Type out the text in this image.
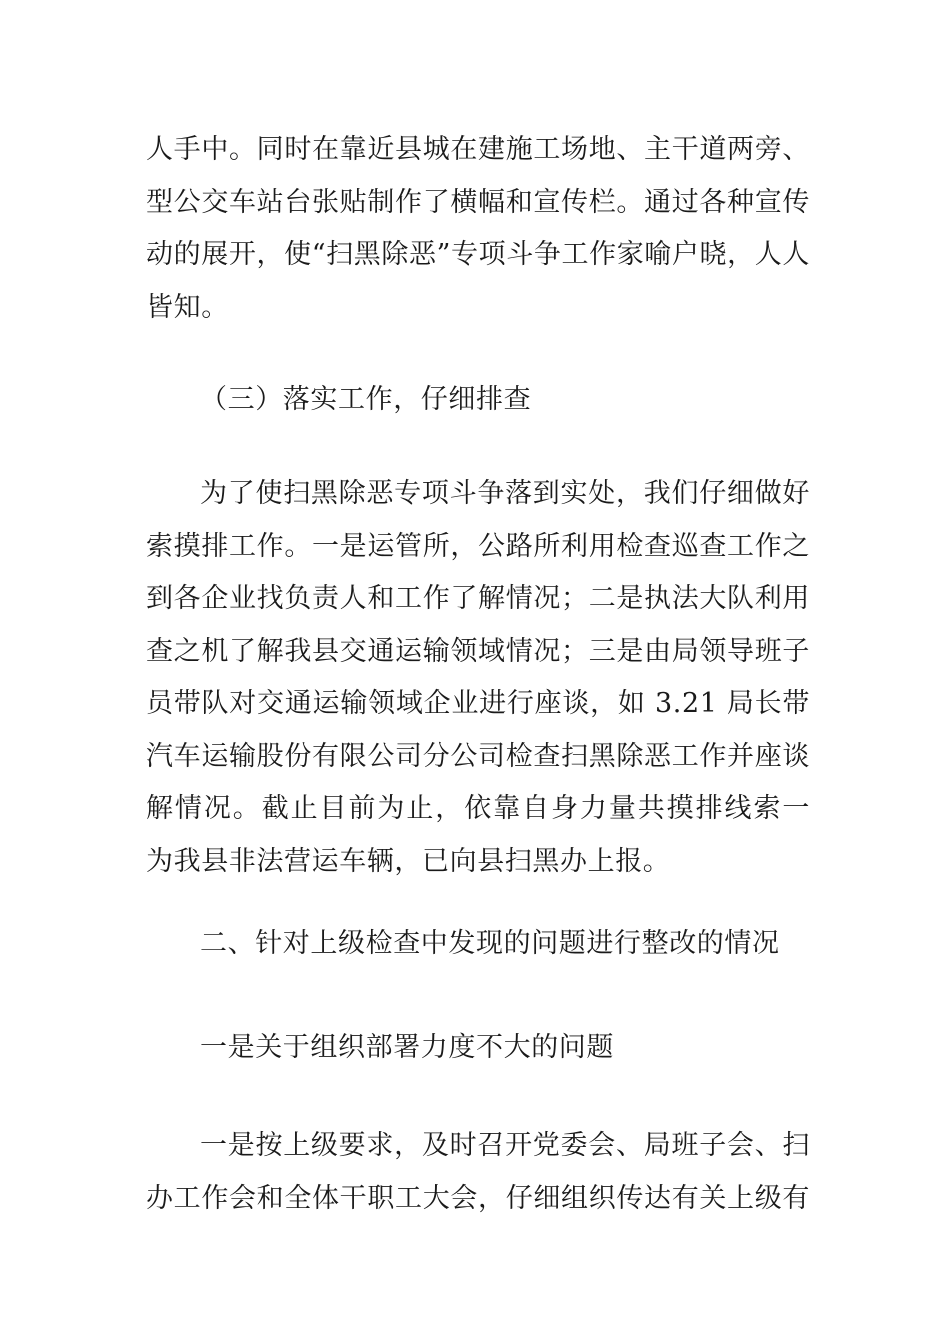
人手中。同时在靠近县城在建施工场地、主干道两旁、
型公交车站台张贴制作了横幅和宣传栏。通过各种宣传
动的展开，使“扫黑除恶”专项斗争工作家喻户晓，人人
皆知。
（三）落实工作，仔细排查
为了使扫黑除恶专项斗争落到实处，我们仔细做好
索摸排工作。一是运管所，公路所利用检查巡查工作之
到各企业找负责人和工作了解情况；二是执法大队利用
查之机了解我县交通运输领域情况；三是由局领导班子
员带队对交通运输领域企业进行座谈，如 3.21 局长带
汽车运输股份有限公司分公司检查扫黑除恶工作并座谈
解情况。截止目前为止，依靠自身力量共摸排线索一
为我县非法营运车辆，已向县扫黑办上报。
二、针对上级检查中发现的问题进行整改的情况
一是关于组织部署力度不大的问题
一是按上级要求，及时召开党委会、局班子会、扫
办工作会和全体干职工大会，仔细组织传达有关上级有
